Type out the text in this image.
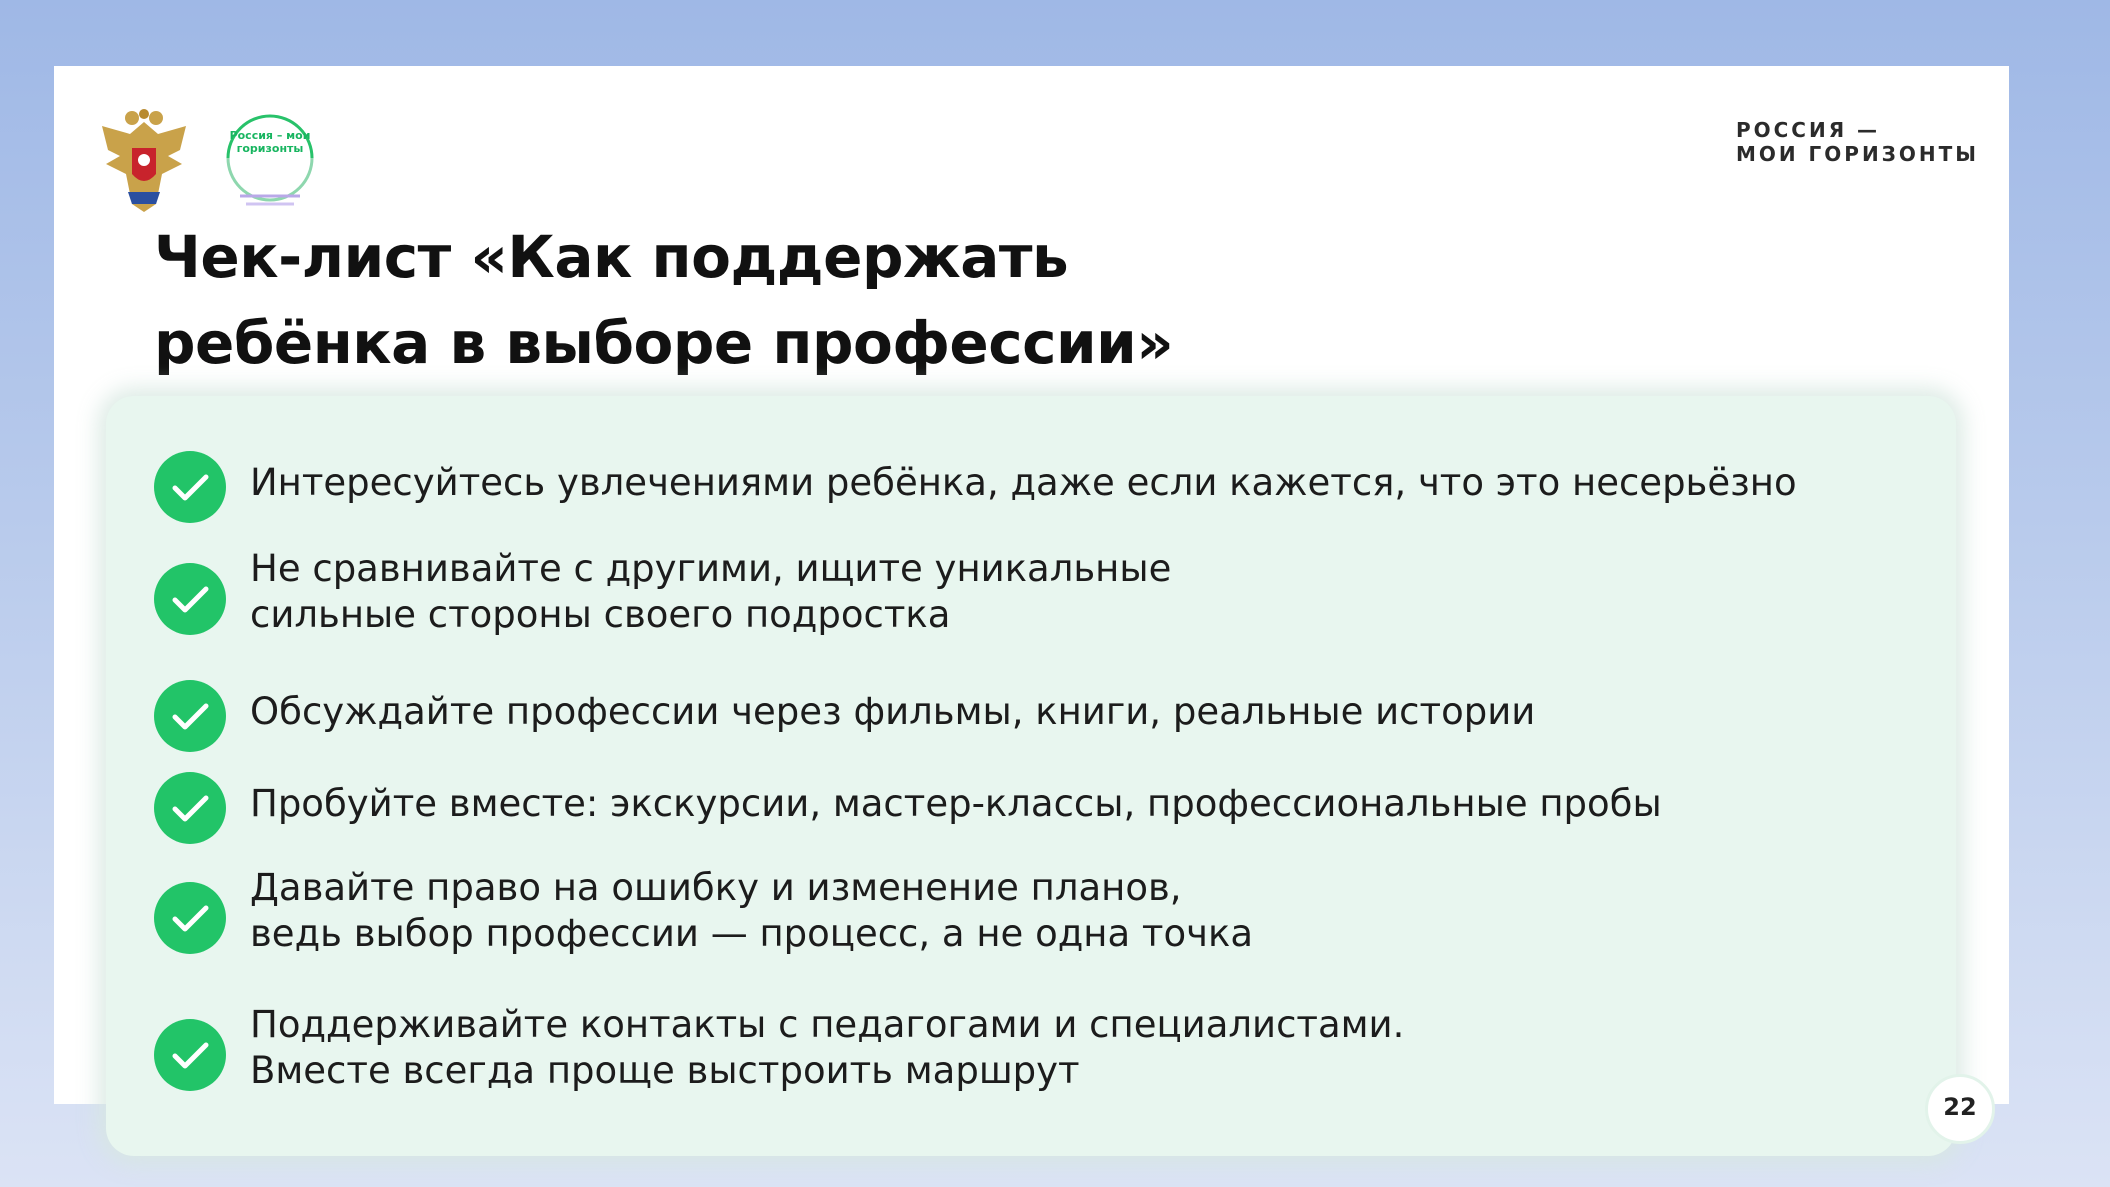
Россия – мои горизонты
РОССИЯ —
МОИ ГОРИЗОНТЫ
Чек-лист «Как поддержать
ребёнка в выборе профессии»
Интересуйтесь увлечениями ребёнка, даже если кажется, что это несерьёзно
Не сравнивайте с другими, ищите уникальные
сильные стороны своего подростка
Обсуждайте профессии через фильмы, книги, реальные истории
Пробуйте вместе: экскурсии, мастер-классы, профессиональные пробы
Давайте право на ошибку и изменение планов,
ведь выбор профессии — процесс, а не одна точка
Поддерживайте контакты с педагогами и специалистами.
Вместе всегда проще выстроить маршрут
22
